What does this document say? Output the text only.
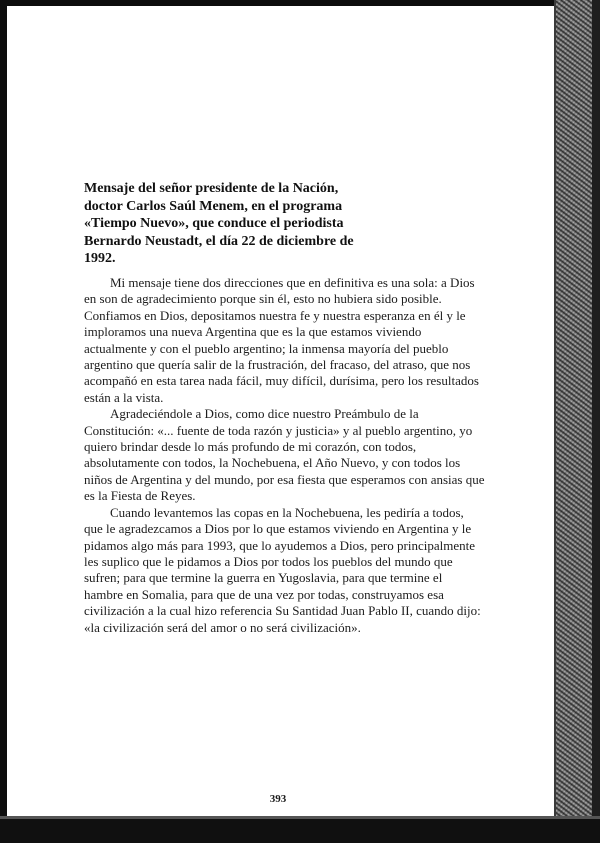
Mensaje del señor presidente de la Nación,
doctor Carlos Saúl Menem, en el programa
«Tiempo Nuevo», que conduce el periodista
Bernardo Neustadt, el día 22 de diciembre de
1992.
Mi mensaje tiene dos direcciones que en definitiva es una sola: a Dios
en son de agradecimiento porque sin él, esto no hubiera sido posible.
Confiamos en Dios, depositamos nuestra fe y nuestra esperanza en él y le
imploramos una nueva Argentina que es la que estamos viviendo
actualmente y con el pueblo argentino; la inmensa mayoría del pueblo
argentino que quería salir de la frustración, del fracaso, del atraso, que nos
acompañó en esta tarea nada fácil, muy difícil, durísima, pero los resultados
están a la vista.
Agradeciéndole a Dios, como dice nuestro Preámbulo de la
Constitución: «... fuente de toda razón y justicia» y al pueblo argentino, yo
quiero brindar desde lo más profundo de mi corazón, con todos,
absolutamente con todos, la Nochebuena, el Año Nuevo, y con todos los
niños de Argentina y del mundo, por esa fiesta que esperamos con ansias que
es la Fiesta de Reyes.
Cuando levantemos las copas en la Nochebuena, les pediría a todos,
que le agradezcamos a Dios por lo que estamos viviendo en Argentina y le
pidamos algo más para 1993, que lo ayudemos a Dios, pero principalmente
les suplico que le pidamos a Dios por todos los pueblos del mundo que
sufren; para que termine la guerra en Yugoslavia, para que termine el
hambre en Somalia, para que de una vez por todas, construyamos esa
civilización a la cual hizo referencia Su Santidad Juan Pablo II, cuando dijo:
«la civilización será del amor o no será civilización».
393
